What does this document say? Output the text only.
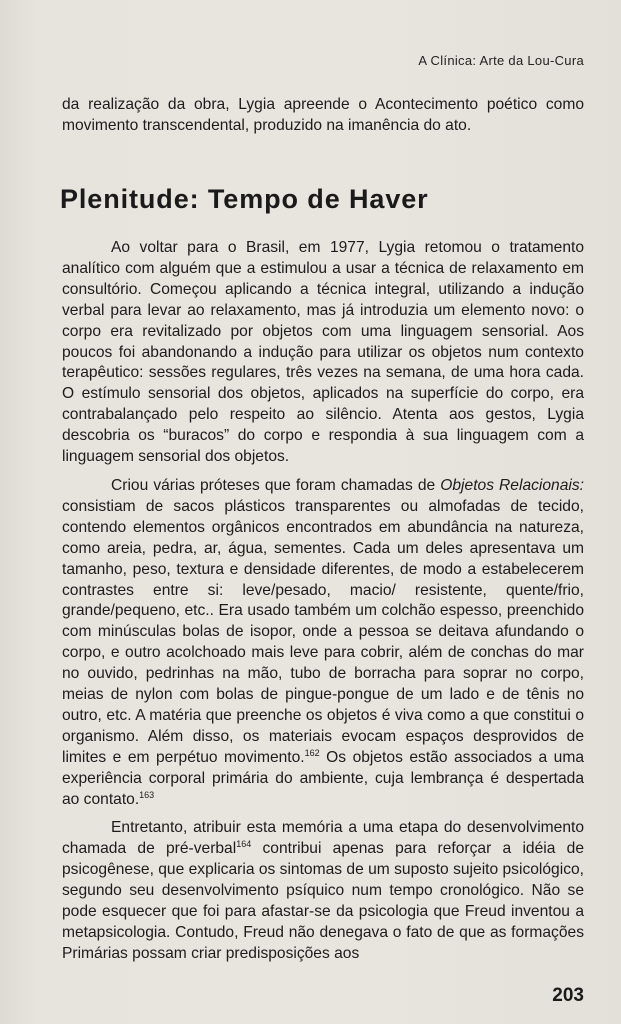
A Clínica: Arte da Lou-Cura

da realização da obra, Lygia apreende o Acontecimento poético como movimento transcendental, produzido na imanência do ato.

Plenitude: Tempo de Haver

Ao voltar para o Brasil, em 1977, Lygia retomou o tratamento analítico com alguém que a estimulou a usar a técnica de relaxamento em consultório. Começou aplicando a técnica integral, utilizando a indução verbal para levar ao relaxamento, mas já introduzia um elemento novo: o corpo era revitalizado por objetos com uma linguagem sensorial. Aos poucos foi abandonando a indução para utilizar os objetos num contexto terapêutico: sessões regulares, três vezes na semana, de uma hora cada. O estímulo sensorial dos objetos, aplicados na superfície do corpo, era contrabalançado pelo respeito ao silêncio. Atenta aos gestos, Lygia descobria os “buracos” do corpo e respondia à sua linguagem com a linguagem sensorial dos objetos.

Criou várias próteses que foram chamadas de Objetos Relacionais: consistiam de sacos plásticos transparentes ou almofadas de tecido, contendo elementos orgânicos encontrados em abundância na natureza, como areia, pedra, ar, água, sementes. Cada um deles apresentava um tamanho, peso, textura e densidade diferentes, de modo a estabelecerem contrastes entre si: leve/pesado, macio/ resistente, quente/frio, grande/pequeno, etc.. Era usado também um colchão espesso, preenchido com minúsculas bolas de isopor, onde a pessoa se deitava afundando o corpo, e outro acolchoado mais leve para cobrir, além de conchas do mar no ouvido, pedrinhas na mão, tubo de borracha para soprar no corpo, meias de nylon com bolas de pingue-pongue de um lado e de tênis no outro, etc. A matéria que preenche os objetos é viva como a que constitui o organismo. Além disso, os materiais evocam espaços desprovidos de limites e em perpétuo movimento.$^{162}$ Os objetos estão associados a uma experiência corporal primária do ambiente, cuja lembrança é despertada ao contato.$^{163}$

Entretanto, atribuir esta memória a uma etapa do desenvolvimento chamada de pré-verbal$^{164}$ contribui apenas para reforçar a idéia de psicogênese, que explicaria os sintomas de um suposto sujeito psicológico, segundo seu desenvolvimento psíquico num tempo cronológico. Não se pode esquecer que foi para afastar-se da psicologia que Freud inventou a metapsicologia. Contudo, Freud não denegava o fato de que as formações Primárias possam criar predisposições aos

203
